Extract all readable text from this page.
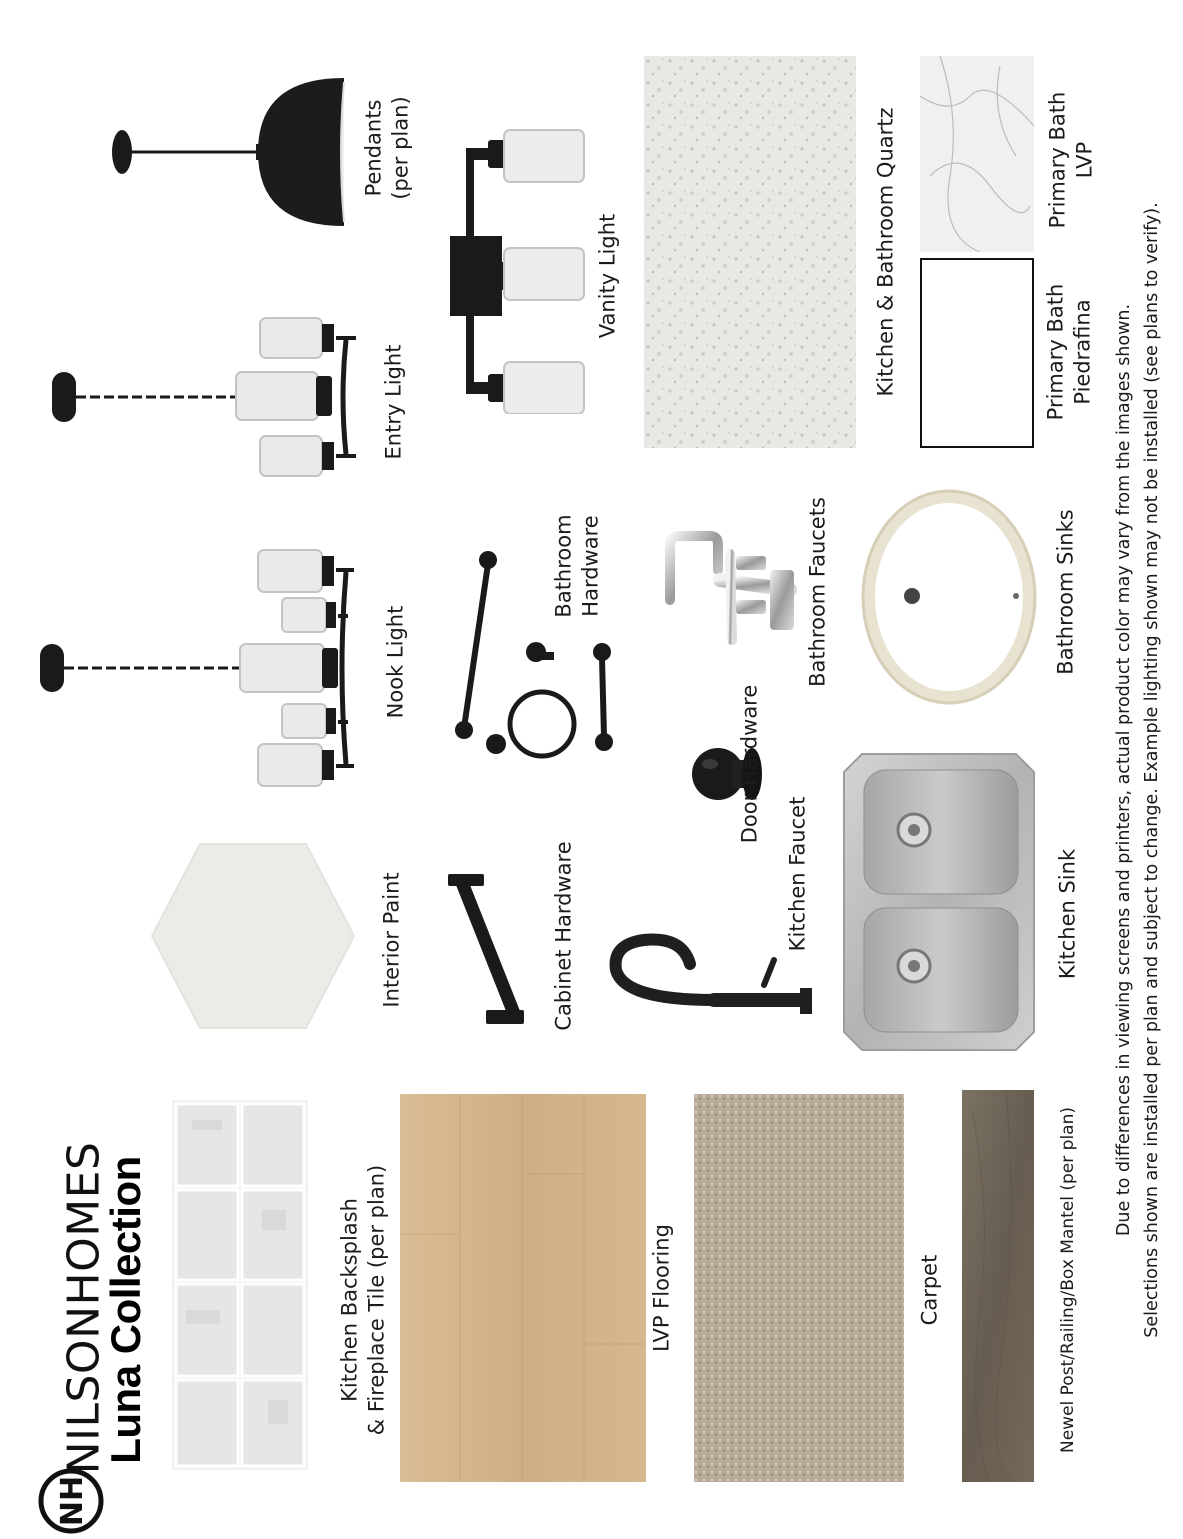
NH
NILSONHOMES
Luna Collection	Kitchen Backsplash & Fireplace Tile (per plan)	LVP Flooring	Carpet	Newel Post/Railing/Box Mantel (per plan)
Due to differences in viewing screens and printers, actual product color may vary from the images shown. Selections shown are installed per plan and subject to change. Example lighting shown may not be installed (see plans to verify).
Interior Paint	Cabinet Hardware	Kitchen Faucet
Door Hardware
Bathroom Hardware	Bathroom Faucets
Kitchen Sink
Bathroom Sinks
Nook Light
Entry Light
Pendants (per plan)
Vanity Light	Kitchen & Bathroom Quartz	Primary Bath LVP
Primary Bath Piedrafina
